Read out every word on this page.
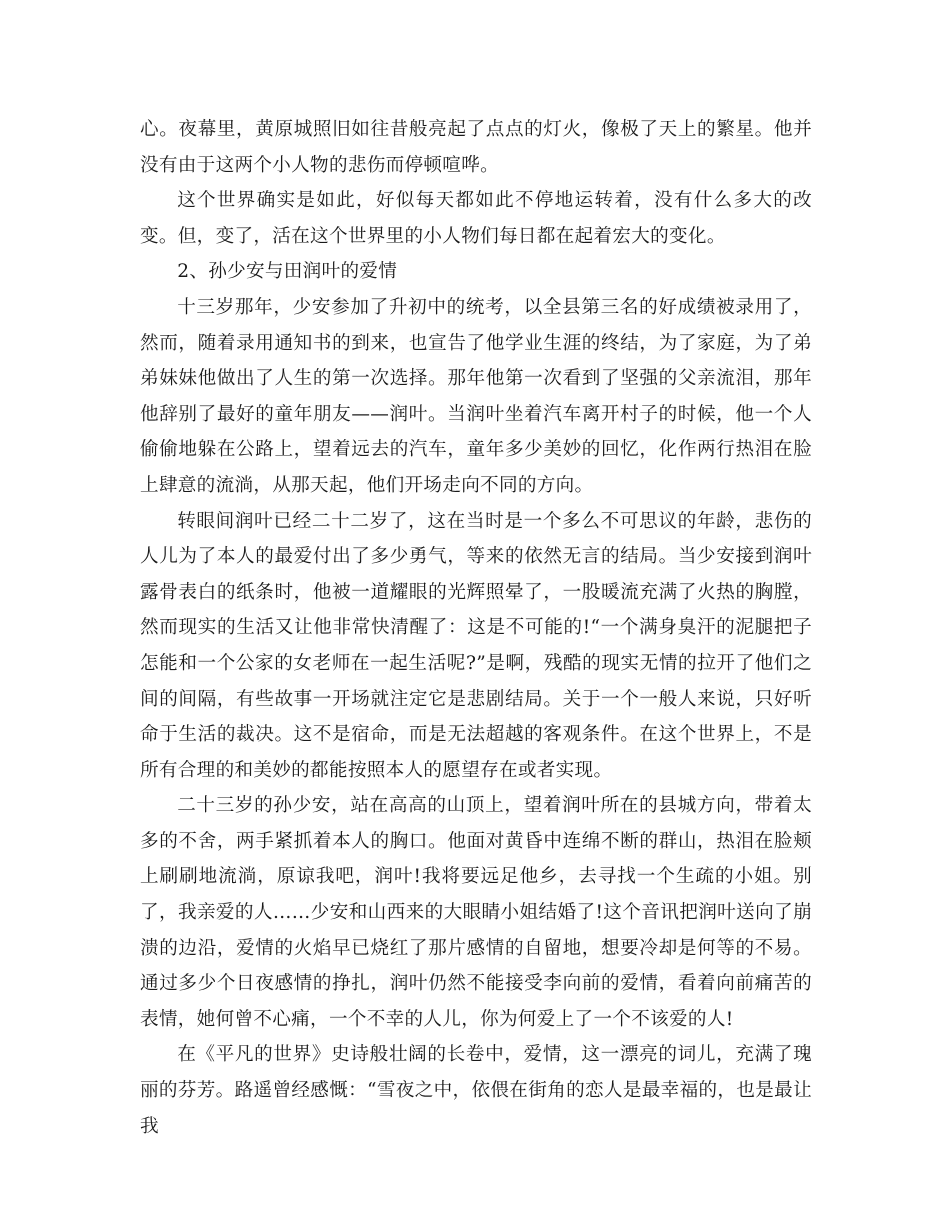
心。夜幕里，黄原城照旧如往昔般亮起了点点的灯火，像极了天上的繁星。他并没有由于这两个小人物的悲伤而停顿喧哗。

这个世界确实是如此，好似每天都如此不停地运转着，没有什么多大的改变。但，变了，活在这个世界里的小人物们每日都在起着宏大的变化。

2、孙少安与田润叶的爱情

十三岁那年，少安参加了升初中的统考，以全县第三名的好成绩被录用了，然而，随着录用通知书的到来，也宣告了他学业生涯的终结，为了家庭，为了弟弟妹妹他做出了人生的第一次选择。那年他第一次看到了坚强的父亲流泪，那年他辞别了最好的童年朋友——润叶。当润叶坐着汽车离开村子的时候，他一个人偷偷地躲在公路上，望着远去的汽车，童年多少美妙的回忆，化作两行热泪在脸上肆意的流淌，从那天起，他们开场走向不同的方向。

转眼间润叶已经二十二岁了，这在当时是一个多么不可思议的年龄，悲伤的人儿为了本人的最爱付出了多少勇气，等来的依然无言的结局。当少安接到润叶露骨表白的纸条时，他被一道耀眼的光辉照晕了，一股暖流充满了火热的胸膛，然而现实的生活又让他非常快清醒了：这是不可能的!“一个满身臭汗的泥腿把子怎能和一个公家的女老师在一起生活呢?”是啊，残酷的现实无情的拉开了他们之间的间隔，有些故事一开场就注定它是悲剧结局。关于一个一般人来说，只好听命于生活的裁决。这不是宿命，而是无法超越的客观条件。在这个世界上，不是所有合理的和美妙的都能按照本人的愿望存在或者实现。

二十三岁的孙少安，站在高高的山顶上，望着润叶所在的县城方向，带着太多的不舍，两手紧抓着本人的胸口。他面对黄昏中连绵不断的群山，热泪在脸颊上刷刷地流淌，原谅我吧，润叶!我将要远足他乡，去寻找一个生疏的小姐。别了，我亲爱的人……少安和山西来的大眼睛小姐结婚了!这个音讯把润叶送向了崩溃的边沿，爱情的火焰早已烧红了那片感情的自留地，想要冷却是何等的不易。通过多少个日夜感情的挣扎，润叶仍然不能接受李向前的爱情，看着向前痛苦的表情，她何曾不心痛，一个不幸的人儿，你为何爱上了一个不该爱的人!

在《平凡的世界》史诗般壮阔的长卷中，爱情，这一漂亮的词儿，充满了瑰丽的芬芳。路遥曾经感慨：“雪夜之中，依偎在街角的恋人是最幸福的，也是最让我
